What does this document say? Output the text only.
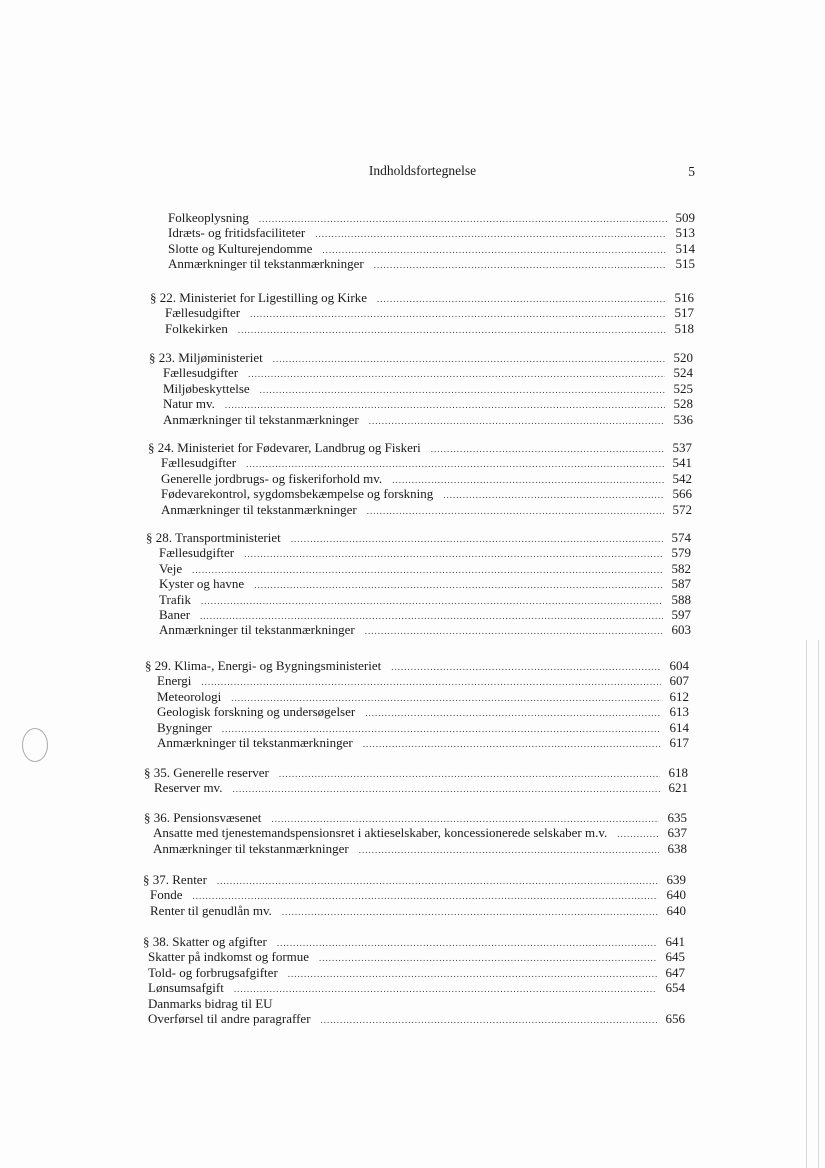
Indholdsfortegnelse	5
Folkeoplysning .....	509
Idræts- og fritidsfaciliteter .....	513
Slotte og Kulturejendomme .....	514
Anmærkninger til tekstanmærkninger .....	515
§ 22. Ministeriet for Ligestilling og Kirke .....	516
Fællesudgifter .....	517
Folkekirken .....	518
§ 23. Miljøministeriet .....	520
Fællesudgifter .....	524
Miljøbeskyttelse .....	525
Natur mv. .....	528
Anmærkninger til tekstanmærkninger .....	536
§ 24. Ministeriet for Fødevarer, Landbrug og Fiskeri .....	537
Fællesudgifter .....	541
Generelle jordbrugs- og fiskeriforhold mv. .....	542
Fødevarekontrol, sygdomsbekæmpelse og forskning .....	566
Anmærkninger til tekstanmærkninger .....	572
§ 28. Transportministeriet .....	574
Fællesudgifter .....	579
Veje .....	582
Kyster og havne .....	587
Trafik .....	588
Baner .....	597
Anmærkninger til tekstanmærkninger .....	603
§ 29. Klima-, Energi- og Bygningsministeriet .....	604
Energi .....	607
Meteorologi .....	612
Geologisk forskning og undersøgelser .....	613
Bygninger .....	614
Anmærkninger til tekstanmærkninger .....	617
§ 35. Generelle reserver .....	618
Reserver mv. .....	621
§ 36. Pensionsvæsenet .....	635
Ansatte med tjenestemandspensionsret i aktieselskaber, koncessionerede selskaber m.v. .....	637
Anmærkninger til tekstanmærkninger .....	638
§ 37. Renter .....	639
Fonde .....	640
Renter til genudlån mv. .....	640
§ 38. Skatter og afgifter .....	641
Skatter på indkomst og formue .....	645
Told- og forbrugsafgifter .....	647
Lønsumsafgift .....	654
Danmarks bidrag til EU
Overførsel til andre paragraffer .....	656
